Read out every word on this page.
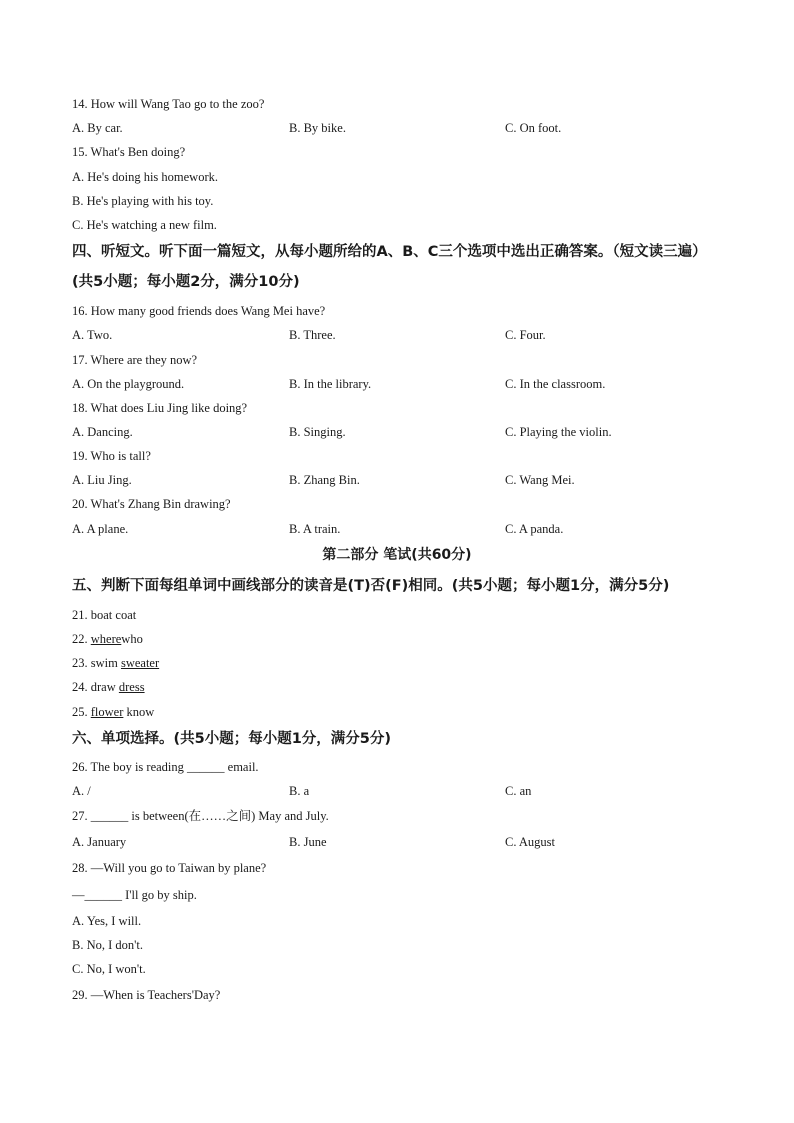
14. How will Wang Tao go to the zoo?
A. By car.	B. By bike.	C. On foot.
15. What's Ben doing?
A. He's doing his homework.
B. He's playing with his toy.
C. He's watching a new film.
四、听短文。听下面一篇短文，从每小题所给的A、B、C三个选项中选出正确答案。（短文读三遍）(共5小题；每小题2分，满分10分)
16. How many good friends does Wang Mei have?
A. Two.	B. Three.	C. Four.
17. Where are they now?
A. On the playground.	B. In the library.	C. In the classroom.
18. What does Liu Jing like doing?
A. Dancing.	B. Singing.	C. Playing the violin.
19. Who is tall?
A. Liu Jing.	B. Zhang Bin.	C. Wang Mei.
20. What's Zhang Bin drawing?
A. A plane.	B. A train.	C. A panda.
第二部分 笔试(共60分)
五、判断下面每组单词中画线部分的读音是(T)否(F)相同。(共5小题；每小题1分，满分5分)
21. boat coat
22. wherewho
23. swim sweater
24. draw dress
25. flower know
六、单项选择。(共5小题；每小题1分，满分5分)
26. The boy is reading ______ email.
A. /	B. a	C. an
27. ______ is between(在……之间) May and July.
A. January	B. June	C. August
28. —Will you go to Taiwan by plane?
—______ I'll go by ship.
A. Yes, I will.
B. No, I don't.
C. No, I won't.
29. —When is Teachers'Day?
